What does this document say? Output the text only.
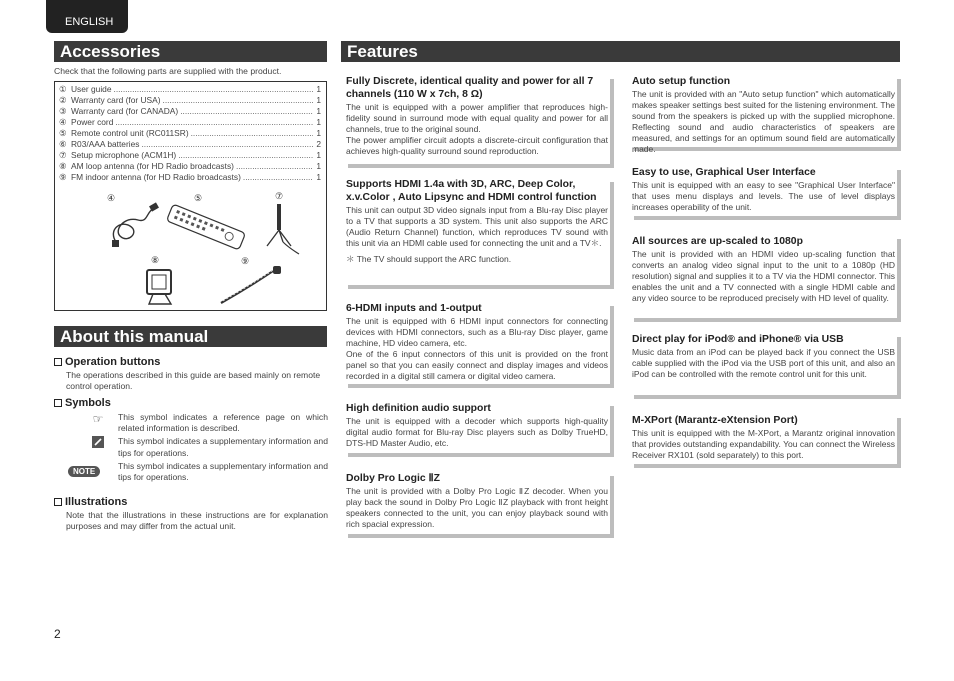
ENGLISH
Accessories
Check that the following parts are supplied with the product.
① User guide .....	1
② Warranty card (for USA) .....	1
③ Warranty card (for CANADA) .....	1
④ Power cord .....	1
⑤ Remote control unit (RC011SR) .....	1
⑥ R03/AAA batteries .....	2
⑦ Setup microphone (ACM1H) .....	1
⑧ AM loop antenna (for HD Radio broadcasts) .....	1
⑨ FM indoor antenna (for HD Radio broadcasts) .....	1
④	⑤	⑦
⑧	⑨
About this manual
Operation buttons
The operations described in this guide are based mainly on remote control operation.
Symbols
☞	This symbol indicates a reference page on which related information is described.
This symbol indicates a supplementary information and tips for operations.
NOTE
This symbol indicates a supplementary information and tips for operations.
Illustrations
Note that the illustrations in these instructions are for explanation purposes and may differ from the actual unit.
Features
Fully Discrete, identical quality and power for all 7 channels (110 W x 7ch, 8 Ω)

The unit is equipped with a power amplifier that reproduces high-fidelity sound in surround mode with equal quality and power for all channels, true to the original sound.

The power amplifier circuit adopts a discrete-circuit configuration that achieves high-quality surround sound reproduction.

Supports HDMI 1.4a with 3D, ARC, Deep Color, x.v.Color , Auto Lipsync and HDMI control function

This unit can output 3D video signals input from a Blu-ray Disc player to a TV that supports a 3D system. This unit also supports the ARC (Audio Return Channel) function, which reproduces TV sound with this unit via an HDMI cable used for connecting the unit and a TV＊.

＊ The TV should support the ARC function.

6-HDMI inputs and 1-output

The unit is equipped with 6 HDMI input connectors for connecting devices with HDMI connectors, such as a Blu-ray Disc player, game machine, HD video camera, etc.

One of the 6 input connectors of this unit is provided on the front panel so that you can easily connect and display images and videos recorded in a digital still camera or digital video camera.

High definition audio support

The unit is equipped with a decoder which supports high-quality digital audio format for Blu-ray Disc players such as Dolby TrueHD, DTS-HD Master Audio, etc.

Dolby Pro Logic ⅡZ

The unit is provided with a Dolby Pro Logic ⅡZ decoder. When you play back the sound in Dolby Pro Logic ⅡZ playback with front height speakers connected to the unit, you can enjoy playback sound with rich spacial expression.

Auto setup function

The unit is provided with an "Auto setup function" which automatically makes speaker settings best suited for the listening environment. The sound from the speakers is picked up with the supplied microphone. Reflecting sound and audio characteristics of speakers are measured, and settings for an optimum sound field are automatically made.

Easy to use, Graphical User Interface

This unit is equipped with an easy to see "Graphical User Interface" that uses menu displays and levels. The use of level displays increases operability of the unit.

All sources are up-scaled to 1080p

The unit is provided with an HDMI video up-scaling function that converts an analog video signal input to the unit to a 1080p (HD resolution) signal and supplies it to a TV via the HDMI connector. This enables the unit and a TV connected with a single HDMI cable and any video source to be reproduced precisely with HD level of quality.

Direct play for iPod® and iPhone® via USB

Music data from an iPod can be played back if you connect the USB cable supplied with the iPod via the USB port of this unit, and also an iPod can be controlled with the remote control unit for this unit.

M-XPort (Marantz-eXtension Port)

This unit is equipped with the M-XPort, a Marantz original innovation that provides outstanding expandability. You can connect the Wireless Receiver RX101 (sold separately) to this port.

2
